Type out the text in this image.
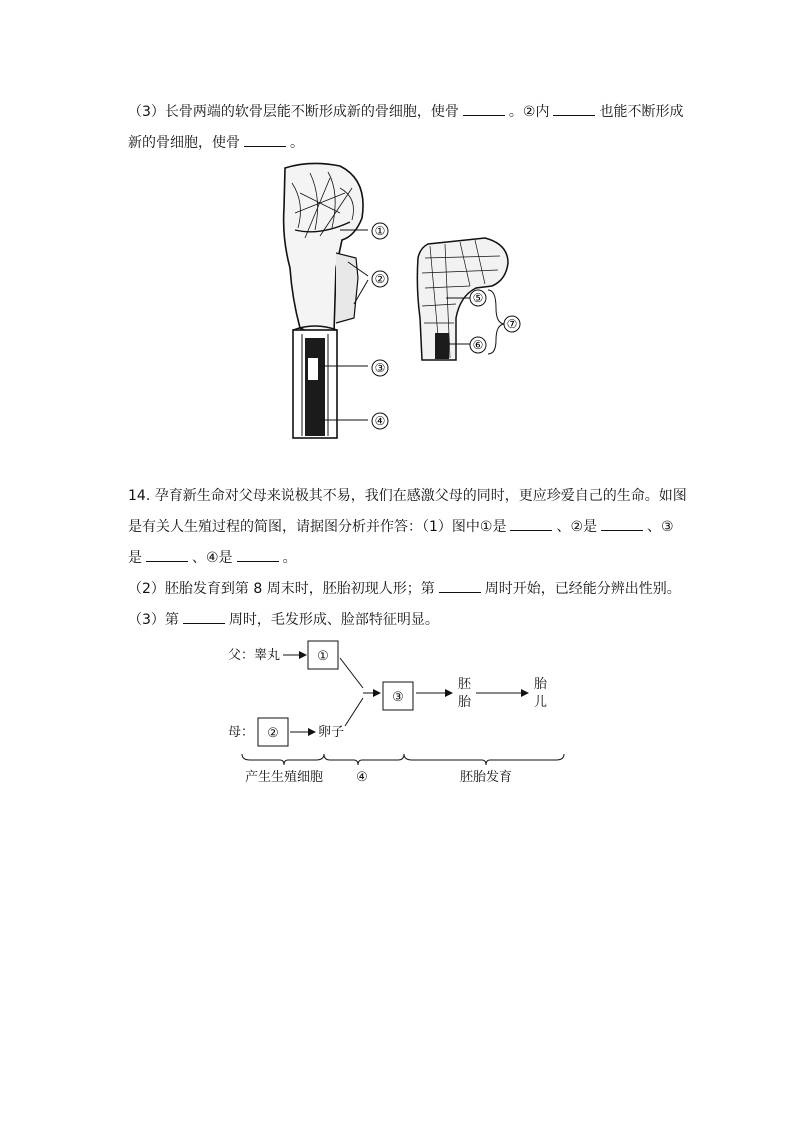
（3）长骨两端的软骨层能不断形成新的骨细胞，使骨	。②内	也能不断形成
新的骨细胞，使骨	。
①
②
③
④
⑤
⑥
⑦
14. 孕育新生命对父母来说极其不易，我们在感激父母的同时，更应珍爱自己的生命。如图
是有关人生殖过程的简图，请据图分析并作答：（1）图中①是	、②是	、③
是	、④是	。
（2）胚胎发育到第 8 周末时，胚胎初现人形；第	周时开始，已经能分辨出性别。
（3）第	周时，毛发形成、脸部特征明显。
父：睾丸
母：	卵子
胚
胎
胎
儿
①
②
③
产生生殖细胞	④	胚胎发育
